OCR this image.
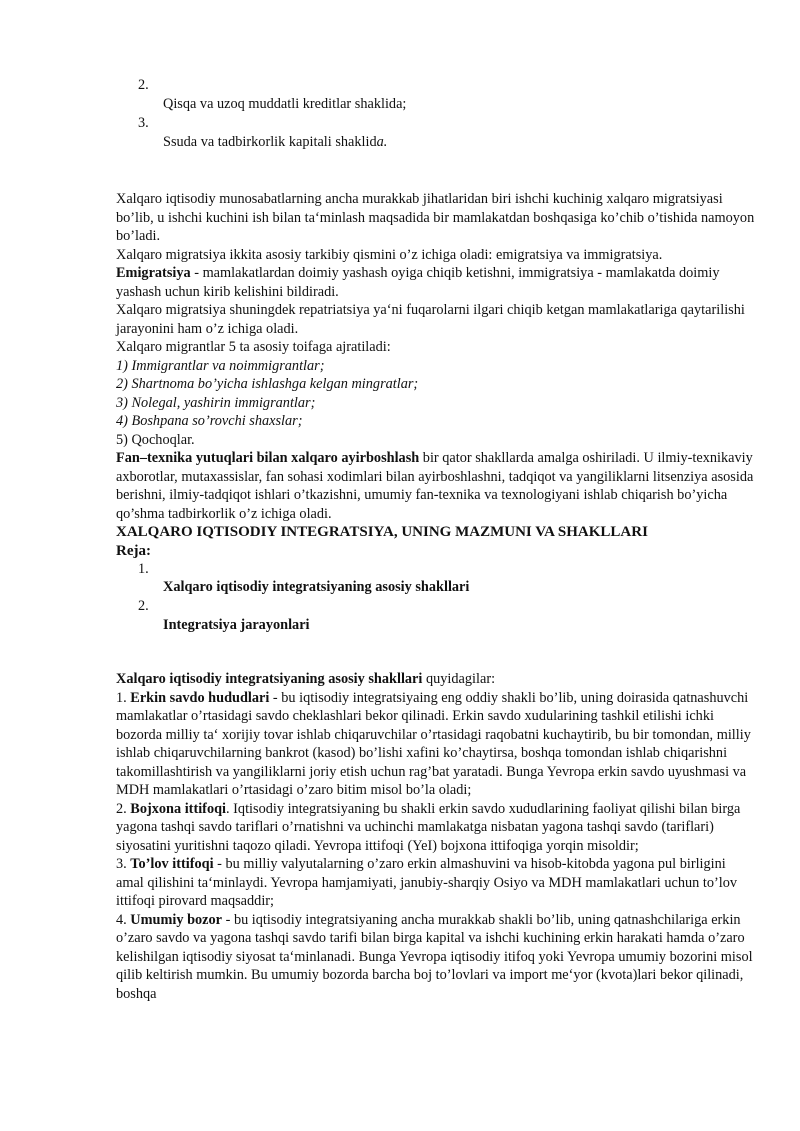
2.
Qisqa va uzoq muddatli kreditlar shaklida;
3.
Ssuda va tadbirkorlik kapitali shaklida.

Xalqaro iqtisodiy munosabatlarning ancha murakkab jihatlaridan biri ishchi kuchinig xalqaro migratsiyasi bo’lib, u ishchi kuchini ish bilan ta‘minlash maqsadida bir mamlakatdan boshqasiga ko’chib o’tishida namoyon bo’ladi.

Xalqaro migratsiya ikkita asosiy tarkibiy qismini o’z ichiga oladi: emigratsiya va immigratsiya.

Emigratsiya - mamlakatlardan doimiy yashash oyiga chiqib ketishni, immigratsiya - mamlakatda doimiy yashash uchun kirib kelishini bildiradi.

Xalqaro migratsiya shuningdek repatriatsiya ya‘ni fuqarolarni ilgari chiqib ketgan mamlakatlariga qaytarilishi jarayonini ham o’z ichiga oladi.

Xalqaro migrantlar 5 ta asosiy toifaga ajratiladi:

1) Immigrantlar va noimmigrantlar;

2) Shartnoma bo’yicha ishlashga kelgan mingratlar;

3) Nolegal, yashirin immigrantlar;

4) Boshpana so’rovchi shaxslar;

5) Qochoqlar.

Fan–texnika yutuqlari bilan xalqaro ayirboshlash bir qator shakllarda amalga oshiriladi. U ilmiy-texnikaviy axborotlar, mutaxassislar, fan sohasi xodimlari bilan ayirboshlashni, tadqiqot va yangiliklarni litsenziya asosida berishni, ilmiy-tadqiqot ishlari o’tkazishni, umumiy fan-texnika va texnologiyani ishlab chiqarish bo’yicha qo’shma tadbirkorlik o’z ichiga oladi.

XALQARO IQTISODIY INTEGRATSIYA, UNING MAZMUNI VA SHAKLLARI

Reja:

1.
Xalqaro iqtisodiy integratsiyaning asosiy shakllari
2.
Integratsiya jarayonlari

Xalqaro iqtisodiy integratsiyaning asosiy shakllari quyidagilar:

1. Erkin savdo hududlari - bu iqtisodiy integratsiyaing eng oddiy shakli bo’lib, uning doirasida qatnashuvchi mamlakatlar o’rtasidagi savdo cheklashlari bekor qilinadi. Erkin savdo xudularining tashkil etilishi ichki bozorda milliy ta‘ xorijiy tovar ishlab chiqaruvchilar o’rtasidagi raqobatni kuchaytirib, bu bir tomondan, milliy ishlab chiqaruvchilarning bankrot (kasod) bo’lishi xafini ko’chaytirsa, boshqa tomondan ishlab chiqarishni takomillashtirish va yangiliklarni joriy etish uchun rag’bat yaratadi. Bunga Yevropa erkin savdo uyushmasi va MDH mamlakatlari o’rtasidagi o’zaro bitim misol bo’la oladi;

2. Bojxona ittifoqi. Iqtisodiy integratsiyaning bu shakli erkin savdo xududlarining faoliyat qilishi bilan birga yagona tashqi savdo tariflari o’rnatishni va uchinchi mamlakatga nisbatan yagona tashqi savdo (tariflari) siyosatini yuritishni taqozo qiladi. Yevropa ittifoqi (YeI) bojxona ittifoqiga yorqin misoldir;

3. To’lov ittifoqi - bu milliy valyutalarning o’zaro erkin almashuvini va hisob-kitobda yagona pul birligini amal qilishini ta‘minlaydi. Yevropa hamjamiyati, janubiy-sharqiy Osiyo va MDH mamlakatlari uchun to’lov ittifoqi pirovard maqsaddir;

4. Umumiy bozor - bu iqtisodiy integratsiyaning ancha murakkab shakli bo’lib, uning qatnashchilariga erkin o’zaro savdo va yagona tashqi savdo tarifi bilan birga kapital va ishchi kuchining erkin harakati hamda o’zaro kelishilgan iqtisodiy siyosat ta‘minlanadi. Bunga Yevropa iqtisodiy itifoq yoki Yevropa umumiy bozorini misol qilib keltirish mumkin. Bu umumiy bozorda barcha boj to’lovlari va import me‘yor (kvota)lari bekor qilinadi, boshqa
